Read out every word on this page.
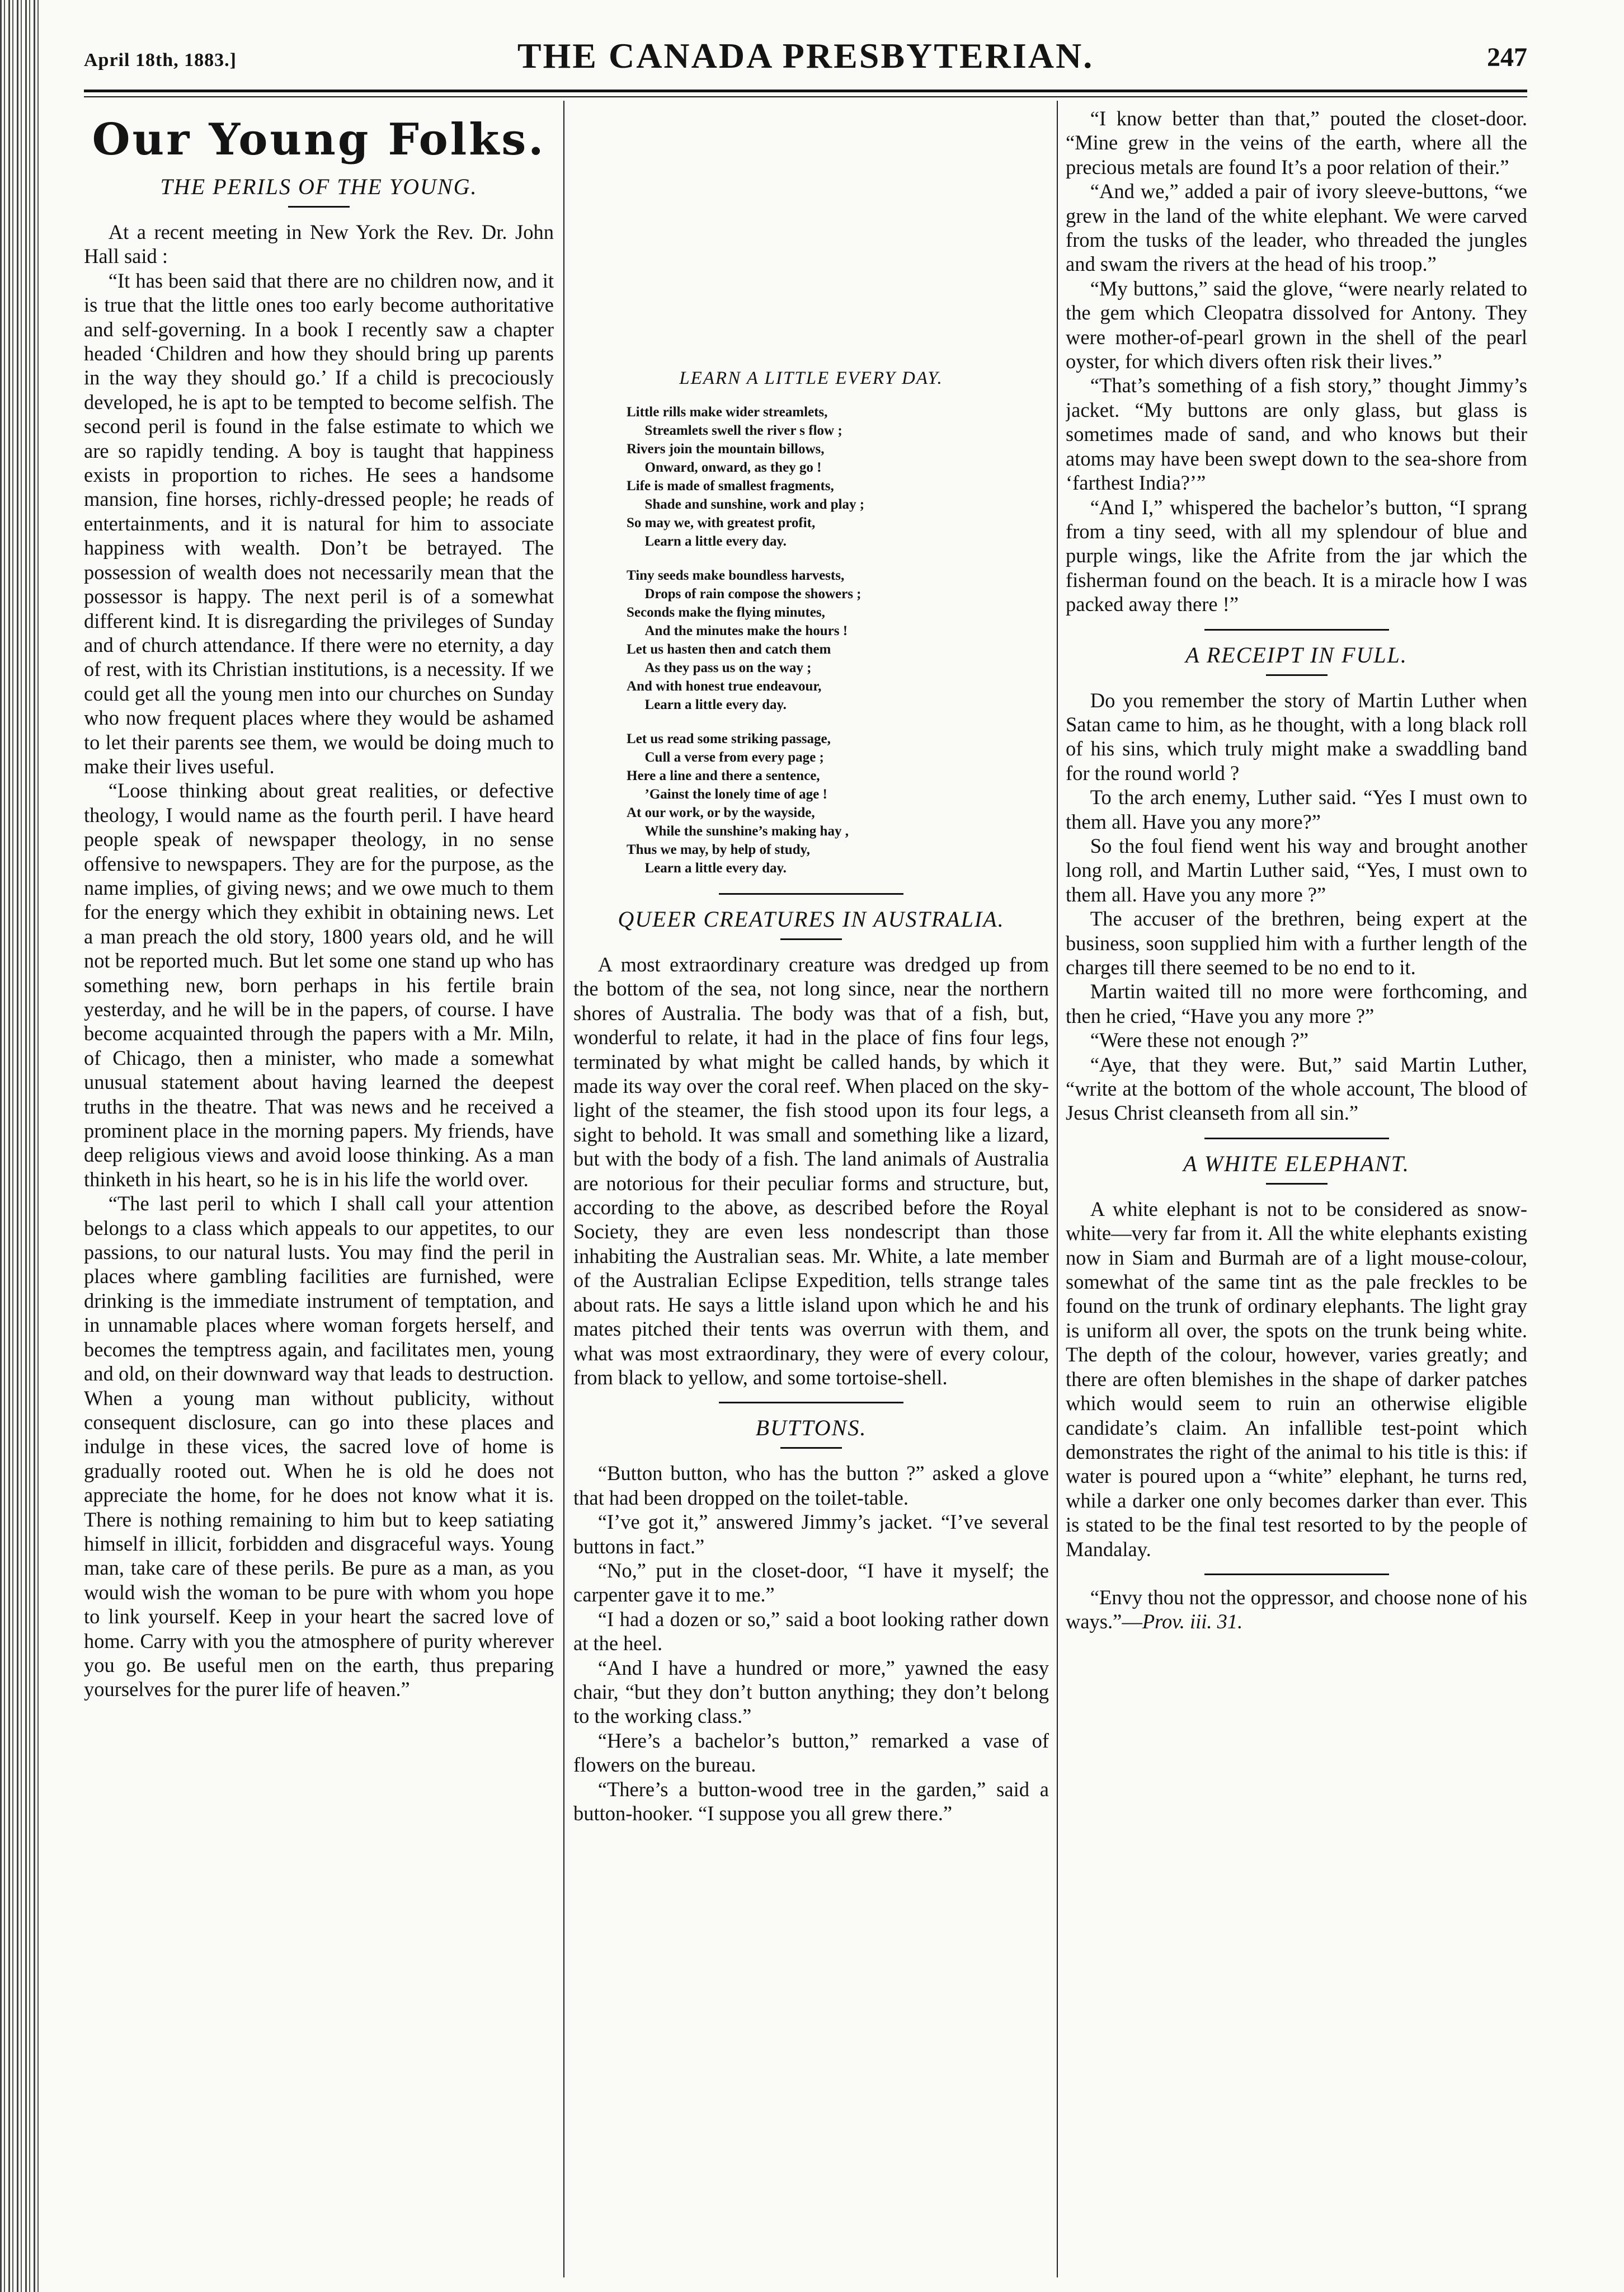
April 18th, 1883.]	THE CANADA PRESBYTERIAN.	247
Our Young Folks.
THE PERILS OF THE YOUNG.

At a recent meeting in New York the Rev. Dr. John Hall said :

“It has been said that there are no children now, and it is true that the little ones too early become authoritative and self-governing. In a book I recently saw a chapter headed ‘Children and how they should bring up parents in the way they should go.’ If a child is precociously developed, he is apt to be tempted to become selfish. The second peril is found in the false estimate to which we are so rapidly tending. A boy is taught that happiness exists in proportion to riches. He sees a handsome mansion, fine horses, richly-dressed people; he reads of entertainments, and it is natural for him to associate happiness with wealth. Don’t be betrayed. The possession of wealth does not necessarily mean that the possessor is happy. The next peril is of a somewhat different kind. It is disregarding the privileges of Sunday and of church attendance. If there were no eternity, a day of rest, with its Christian institutions, is a necessity. If we could get all the young men into our churches on Sunday who now frequent places where they would be ashamed to let their parents see them, we would be doing much to make their lives useful.

“Loose thinking about great realities, or defective theology, I would name as the fourth peril. I have heard people speak of newspaper theology, in no sense offensive to newspapers. They are for the purpose, as the name implies, of giving news; and we owe much to them for the energy which they exhibit in obtaining news. Let a man preach the old story, 1800 years old, and he will not be reported much. But let some one stand up who has something new, born perhaps in his fertile brain yesterday, and he will be in the papers, of course. I have become acquainted through the papers with a Mr. Miln, of Chicago, then a minister, who made a somewhat unusual statement about having learned the deepest truths in the theatre. That was news and he received a prominent place in the morning papers. My friends, have deep religious views and avoid loose thinking. As a man thinketh in his heart, so he is in his life the world over.

“The last peril to which I shall call your attention belongs to a class which appeals to our appetites, to our passions, to our natural lusts. You may find the peril in places where gambling facilities are furnished, were drinking is the immediate instrument of temptation, and in unnamable places where woman forgets herself, and becomes the temptress again, and facilitates men, young and old, on their downward way that leads to destruction. When a young man without publicity, without consequent disclosure, can go into these places and indulge in these vices, the sacred love of home is gradually rooted out. When he is old he does not appreciate the home, for he does not know what it is. There is nothing remaining to him but to keep satiating himself in illicit, forbidden and disgraceful ways. Young man, take care of these perils. Be pure as a man, as you would wish the woman to be pure with whom you hope to link yourself. Keep in your heart the sacred love of home. Carry with you the atmosphere of purity wherever you go. Be useful men on the earth, thus preparing yourselves for the purer life of heaven.”

LEARN A LITTLE EVERY DAY.
Little rills make wider streamlets,
Streamlets swell the river s flow ;
Rivers join the mountain billows,
Onward, onward, as they go !
Life is made of smallest fragments,
Shade and sunshine, work and play ;
So may we, with greatest profit,
Learn a little every day.
Tiny seeds make boundless harvests,
Drops of rain compose the showers ;
Seconds make the flying minutes,
And the minutes make the hours !
Let us hasten then and catch them
As they pass us on the way ;
And with honest true endeavour,
Learn a little every day.
Let us read some striking passage,
Cull a verse from every page ;
Here a line and there a sentence,
’Gainst the lonely time of age !
At our work, or by the wayside,
While the sunshine’s making hay ,
Thus we may, by help of study,
Learn a little every day.
QUEER CREATURES IN AUSTRALIA.

A most extraordinary creature was dredged up from the bottom of the sea, not long since, near the northern shores of Australia. The body was that of a fish, but, wonderful to relate, it had in the place of fins four legs, terminated by what might be called hands, by which it made its way over the coral reef. When placed on the sky-light of the steamer, the fish stood upon its four legs, a sight to behold. It was small and something like a lizard, but with the body of a fish. The land animals of Australia are notorious for their peculiar forms and structure, but, according to the above, as described before the Royal Society, they are even less nondescript than those inhabiting the Australian seas. Mr. White, a late member of the Australian Eclipse Expedition, tells strange tales about rats. He says a little island upon which he and his mates pitched their tents was overrun with them, and what was most extraordinary, they were of every colour, from black to yellow, and some tortoise-shell.

BUTTONS.

“Button button, who has the button ?” asked a glove that had been dropped on the toilet-table.

“I’ve got it,” answered Jimmy’s jacket. “I’ve several buttons in fact.”

“No,” put in the closet-door, “I have it myself; the carpenter gave it to me.”

“I had a dozen or so,” said a boot looking rather down at the heel.

“And I have a hundred or more,” yawned the easy chair, “but they don’t button anything; they don’t belong to the working class.”

“Here’s a bachelor’s button,” remarked a vase of flowers on the bureau.

“There’s a button-wood tree in the garden,” said a button-hooker. “I suppose you all grew there.”

“I know better than that,” pouted the closet-door. “Mine grew in the veins of the earth, where all the precious metals are found It’s a poor relation of their.”

“And we,” added a pair of ivory sleeve-buttons, “we grew in the land of the white elephant. We were carved from the tusks of the leader, who threaded the jungles and swam the rivers at the head of his troop.”

“My buttons,” said the glove, “were nearly related to the gem which Cleopatra dissolved for Antony. They were mother-of-pearl grown in the shell of the pearl oyster, for which divers often risk their lives.”

“That’s something of a fish story,” thought Jimmy’s jacket. “My buttons are only glass, but glass is sometimes made of sand, and who knows but their atoms may have been swept down to the sea-shore from ‘farthest India?’”

“And I,” whispered the bachelor’s button, “I sprang from a tiny seed, with all my splendour of blue and purple wings, like the Afrite from the jar which the fisherman found on the beach. It is a miracle how I was packed away there !”

A RECEIPT IN FULL.

Do you remember the story of Martin Luther when Satan came to him, as he thought, with a long black roll of his sins, which truly might make a swaddling band for the round world ?

To the arch enemy, Luther said. “Yes I must own to them all. Have you any more?”

So the foul fiend went his way and brought another long roll, and Martin Luther said, “Yes, I must own to them all. Have you any more ?”

The accuser of the brethren, being expert at the business, soon supplied him with a further length of the charges till there seemed to be no end to it.

Martin waited till no more were forthcoming, and then he cried, “Have you any more ?”

“Were these not enough ?”

“Aye, that they were. But,” said Martin Luther, “write at the bottom of the whole account, The blood of Jesus Christ cleanseth from all sin.”

A WHITE ELEPHANT.

A white elephant is not to be considered as snow-white—very far from it. All the white elephants existing now in Siam and Burmah are of a light mouse-colour, somewhat of the same tint as the pale freckles to be found on the trunk of ordinary elephants. The light gray is uniform all over, the spots on the trunk being white. The depth of the colour, however, varies greatly; and there are often blemishes in the shape of darker patches which would seem to ruin an otherwise eligible candidate’s claim. An infallible test-point which demonstrates the right of the animal to his title is this: if water is poured upon a “white” elephant, he turns red, while a darker one only becomes darker than ever. This is stated to be the final test resorted to by the people of Mandalay.

“Envy thou not the oppressor, and choose none of his ways.”—Prov. iii. 31.
